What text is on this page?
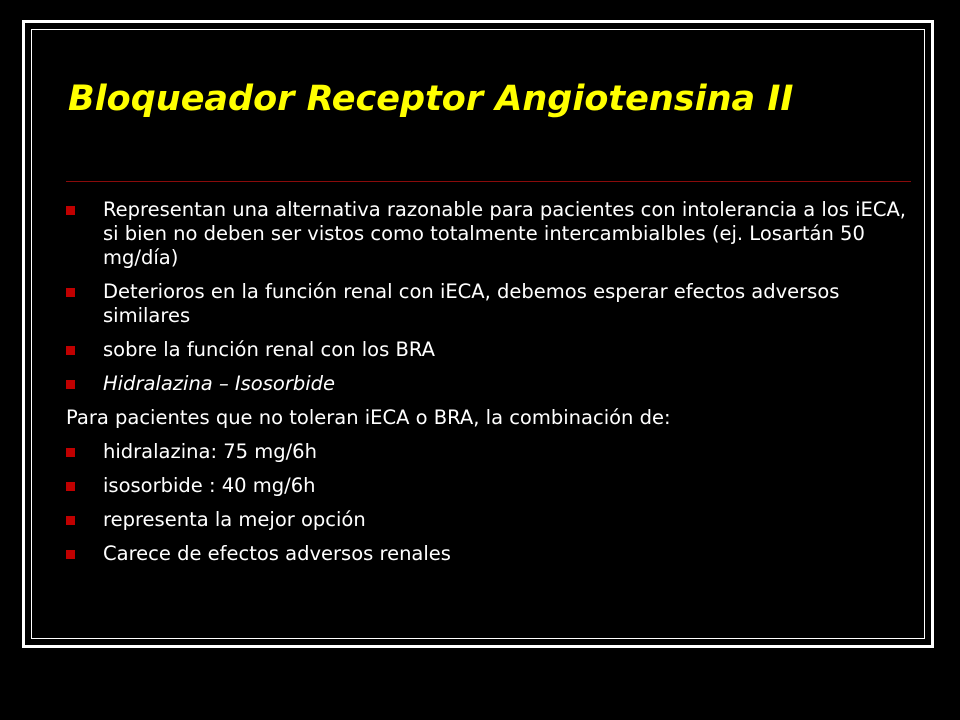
Bloqueador Receptor Angiotensina II
Representan una alternativa razonable para pacientes con intolerancia a los iECA, si bien no deben ser vistos como totalmente intercambialbles (ej. Losartán 50 mg/día)
Deterioros en la función renal con iECA, debemos esperar efectos adversos similares
sobre la función renal con los BRA
Hidralazina – Isosorbide
Para pacientes que no toleran iECA o BRA, la combinación de:
hidralazina: 75 mg/6h
isosorbide : 40 mg/6h
representa la mejor opción
Carece de efectos adversos renales
